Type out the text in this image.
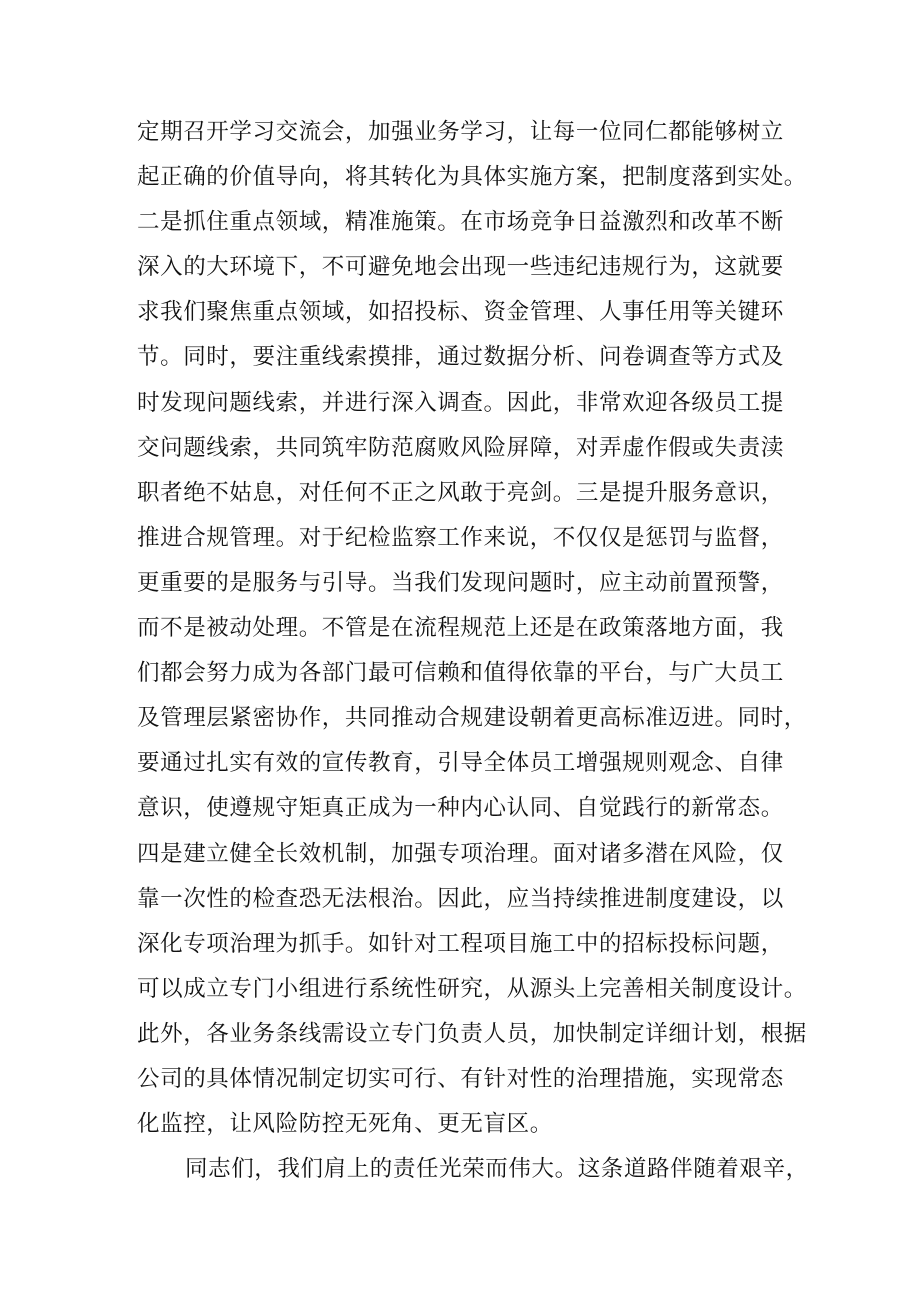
定期召开学习交流会，加强业务学习，让每一位同仁都能够树立
起正确的价值导向，将其转化为具体实施方案，把制度落到实处。
二是抓住重点领域，精准施策。在市场竞争日益激烈和改革不断
深入的大环境下，不可避免地会出现一些违纪违规行为，这就要
求我们聚焦重点领域，如招投标、资金管理、人事任用等关键环
节。同时，要注重线索摸排，通过数据分析、问卷调查等方式及
时发现问题线索，并进行深入调查。因此，非常欢迎各级员工提
交问题线索，共同筑牢防范腐败风险屏障，对弄虚作假或失责渎
职者绝不姑息，对任何不正之风敢于亮剑。三是提升服务意识，
推进合规管理。对于纪检监察工作来说，不仅仅是惩罚与监督，
更重要的是服务与引导。当我们发现问题时，应主动前置预警，
而不是被动处理。不管是在流程规范上还是在政策落地方面，我
们都会努力成为各部门最可信赖和值得依靠的平台，与广大员工
及管理层紧密协作，共同推动合规建设朝着更高标准迈进。同时，
要通过扎实有效的宣传教育，引导全体员工增强规则观念、自律
意识，使遵规守矩真正成为一种内心认同、自觉践行的新常态。
四是建立健全长效机制，加强专项治理。面对诸多潜在风险，仅
靠一次性的检查恐无法根治。因此，应当持续推进制度建设，以
深化专项治理为抓手。如针对工程项目施工中的招标投标问题，
可以成立专门小组进行系统性研究，从源头上完善相关制度设计。
此外，各业务条线需设立专门负责人员，加快制定详细计划，根据
公司的具体情况制定切实可行、有针对性的治理措施，实现常态
化监控，让风险防控无死角、更无盲区。
同志们，我们肩上的责任光荣而伟大。这条道路伴随着艰辛，
